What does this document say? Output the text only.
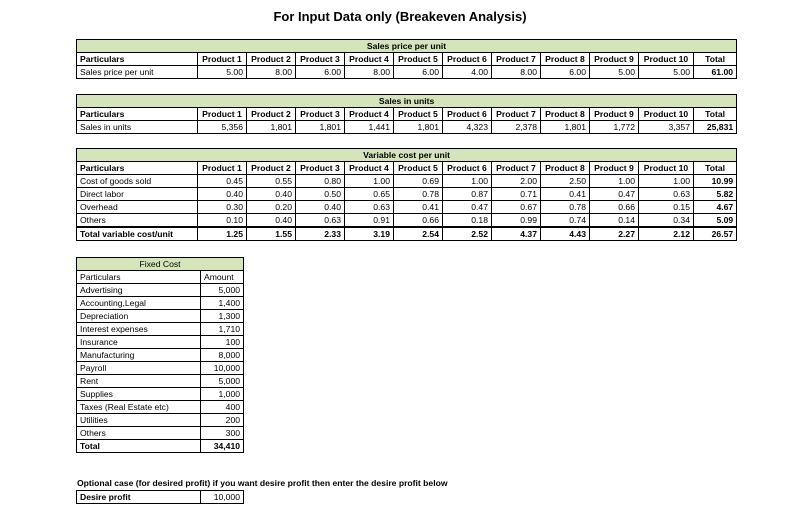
For Input Data only (Breakeven Analysis)
Sales price per unit											
Particulars	Product 1	Product 2	Product 3	Product 4	Product 5	Product 6	Product 7	Product 8	Product 9	Product 10	Total
Sales price per unit	5.00	8.00	6.00	8.00	6.00	4.00	8.00	6.00	5.00	5.00	61.00
Sales in units											
Particulars	Product 1	Product 2	Product 3	Product 4	Product 5	Product 6	Product 7	Product 8	Product 9	Product 10	Total
Sales in units	5,356	1,801	1,801	1,441	1,801	4,323	2,378	1,801	1,772	3,357	25,831
Variable cost per unit											
Particulars	Product 1	Product 2	Product 3	Product 4	Product 5	Product 6	Product 7	Product 8	Product 9	Product 10	Total
Cost of goods sold	0.45	0.55	0.80	1.00	0.69	1.00	2.00	2.50	1.00	1.00	10.99
Direct labor	0.40	0.40	0.50	0.65	0.78	0.87	0.71	0.41	0.47	0.63	5.82
Overhead	0.30	0.20	0.40	0.63	0.41	0.47	0.67	0.78	0.66	0.15	4.67
Others	0.10	0.40	0.63	0.91	0.66	0.18	0.99	0.74	0.14	0.34	5.09
Total variable cost/unit	1.25	1.55	2.33	3.19	2.54	2.52	4.37	4.43	2.27	2.12	26.57
Fixed Cost	
Particulars	Amount
Advertising	5,000
Accounting,Legal	1,400
Depreciation	1,300
Interest expenses	1,710
Insurance	100
Manufacturing	8,000
Payroll	10,000
Rent	5,000
Supplies	1,000
Taxes (Real Estate etc)	400
Utilities	200
Others	300
Total	34,410
Optional case (for desired profit) if you want desire profit then enter the desire profit below
Desire profit	10,000
